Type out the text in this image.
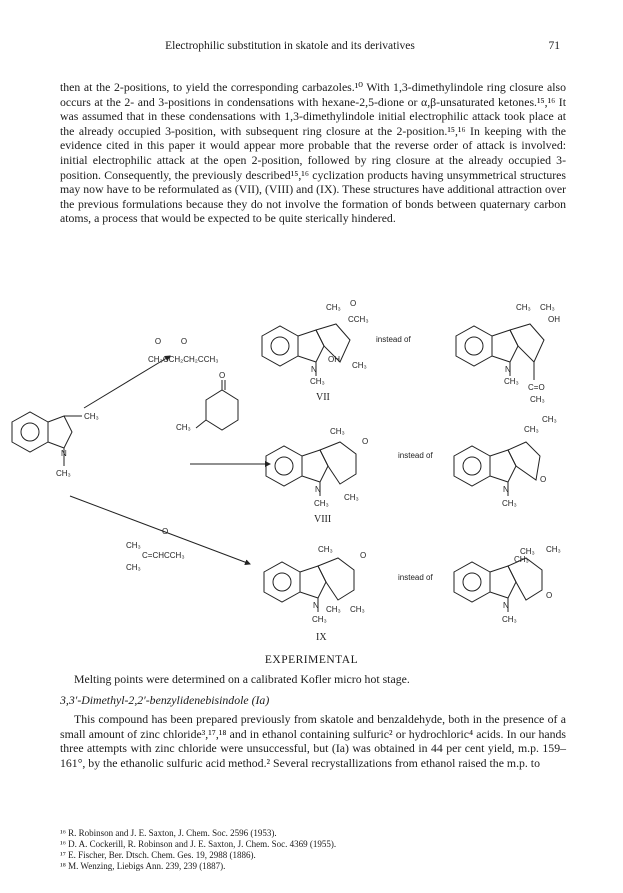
Electrophilic substitution in skatole and its derivatives	71

then at the 2-positions, to yield the corresponding carbazoles.¹⁰ With 1,3-dimethylindole ring closure also occurs at the 2- and 3-positions in condensations with hexane-2,5-dione or α,β-unsaturated ketones.¹⁵,¹⁶ It was assumed that in these condensations with 1,3-dimethylindole initial electrophilic attack took place at the already occupied 3-position, with subsequent ring closure at the 2-position.¹⁵,¹⁶ In keeping with the evidence cited in this paper it would appear more probable that the reverse order of attack is involved: initial electrophilic attack at the open 2-position, followed by ring closure at the already occupied 3-position. Consequently, the previously described¹⁵,¹⁶ cyclization products having unsymmetrical structures may now have to be reformulated as (VII), (VIII) and (IX). These structures have additional attraction over the previous formulations because they do not involve the formation of bonds between quaternary carbon atoms, a process that would be expected to be quite sterically hindered.

O O
CH₃CCH₂CH₂CCH₃
O
CH₃
O
CH₃
C=CHCCH₃
CH₃
CH₃
N
CH₃
CH₃ O
CCH₃
N
OH
CH₃
CH₃
VII
instead of
CH₃ CH₃
OH
N
CH₃
C=O
CH₃
CH₃
O
N
CH₃
CH₃
VIII
instead of
CH₃
CH₃
N
CH₃
O
CH₃
O
N
CH₃
CH₃ CH₃
IX
instead of
CH₃ CH₃
CH₃
N
CH₃
O
EXPERIMENTAL

Melting points were determined on a calibrated Kofler micro hot stage.

3,3′-Dimethyl-2,2′-benzylidenebisindole (Ia)

This compound has been prepared previously from skatole and benzaldehyde, both in the presence of a small amount of zinc chloride³,¹⁷,¹⁸ and in ethanol containing sulfuric² or hydrochloric⁴ acids. In our hands three attempts with zinc chloride were unsuccessful, but (Ia) was obtained in 44 per cent yield, m.p. 159–161°, by the ethanolic sulfuric acid method.² Several recrystallizations from ethanol raised the m.p. to

¹⁶ R. Robinson and J. E. Saxton, J. Chem. Soc. 2596 (1953).
¹⁶ D. A. Cockerill, R. Robinson and J. E. Saxton, J. Chem. Soc. 4369 (1955).
¹⁷ E. Fischer, Ber. Dtsch. Chem. Ges. 19, 2988 (1886).
¹⁸ M. Wenzing, Liebigs Ann. 239, 239 (1887).
